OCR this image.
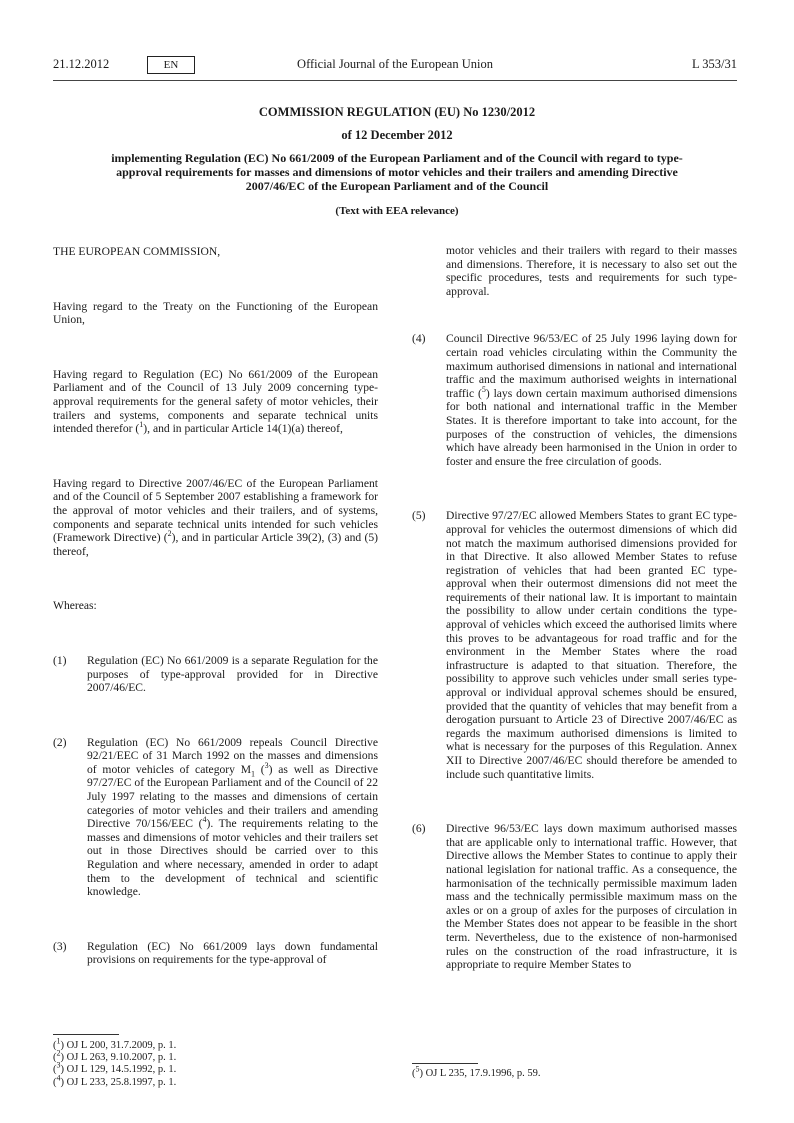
Official Journal of the European Union
21.12.2012	EN	L 353/31
COMMISSION REGULATION (EU) No 1230/2012
of 12 December 2012
implementing Regulation (EC) No 661/2009 of the European Parliament and of the Council with regard to type-approval requirements for masses and dimensions of motor vehicles and their trailers and amending Directive 2007/46/EC of the European Parliament and of the Council
(Text with EEA relevance)

THE EUROPEAN COMMISSION,

Having regard to the Treaty on the Functioning of the European Union,

Having regard to Regulation (EC) No 661/2009 of the European Parliament and of the Council of 13 July 2009 concerning type-approval requirements for the general safety of motor vehicles, their trailers and systems, components and separate technical units intended therefor ($^1$), and in particular Article 14(1)(a) thereof,

Having regard to Directive 2007/46/EC of the European Parliament and of the Council of 5 September 2007 establishing a framework for the approval of motor vehicles and their trailers, and of systems, components and separate technical units intended for such vehicles (Framework Directive) ($^2$), and in particular Article 39(2), (3) and (5) thereof,

Whereas:

(1) Regulation (EC) No 661/2009 is a separate Regulation for the purposes of type-approval provided for in Directive 2007/46/EC.

(2) Regulation (EC) No 661/2009 repeals Council Directive 92/21/EEC of 31 March 1992 on the masses and dimensions of motor vehicles of category $M_1$ ($^3$) as well as Directive 97/27/EC of the European Parliament and of the Council of 22 July 1997 relating to the masses and dimensions of certain categories of motor vehicles and their trailers and amending Directive 70/156/EEC ($^4$). The requirements relating to the masses and dimensions of motor vehicles and their trailers set out in those Directives should be carried over to this Regulation and where necessary, amended in order to adapt them to the development of technical and scientific knowledge.

(3) Regulation (EC) No 661/2009 lays down fundamental provisions on requirements for the type-approval of

($^1$) OJ L 200, 31.7.2009, p. 1.
($^2$) OJ L 263, 9.10.2007, p. 1.
($^3$) OJ L 129, 14.5.1992, p. 1.
($^4$) OJ L 233, 25.8.1997, p. 1.

motor vehicles and their trailers with regard to their masses and dimensions. Therefore, it is necessary to also set out the specific procedures, tests and requirements for such type-approval.

(4) Council Directive 96/53/EC of 25 July 1996 laying down for certain road vehicles circulating within the Community the maximum authorised dimensions in national and international traffic and the maximum authorised weights in international traffic ($^5$) lays down certain maximum authorised dimensions for both national and international traffic in the Member States. It is therefore important to take into account, for the purposes of the construction of vehicles, the dimensions which have already been harmonised in the Union in order to foster and ensure the free circulation of goods.

(5) Directive 97/27/EC allowed Members States to grant EC type-approval for vehicles the outermost dimensions of which did not match the maximum authorised dimensions provided for in that Directive. It also allowed Member States to refuse registration of vehicles that had been granted EC type-approval when their outermost dimensions did not meet the requirements of their national law. It is important to maintain the possibility to allow under certain conditions the type-approval of vehicles which exceed the authorised limits where this proves to be advantageous for road traffic and for the environment in the Member States where the road infrastructure is adapted to that situation. Therefore, the possibility to approve such vehicles under small series type-approval or individual approval schemes should be ensured, provided that the quantity of vehicles that may benefit from a derogation pursuant to Article 23 of Directive 2007/46/EC as regards the maximum authorised dimensions is limited to what is necessary for the purposes of this Regulation. Annex XII to Directive 2007/46/EC should therefore be amended to include such quantitative limits.

(6) Directive 96/53/EC lays down maximum authorised masses that are applicable only to international traffic. However, that Directive allows the Member States to continue to apply their national legislation for national traffic. As a consequence, the harmonisation of the technically permissible maximum laden mass and the technically permissible maximum mass on the axles or on a group of axles for the purposes of circulation in the Member States does not appear to be feasible in the short term. Nevertheless, due to the existence of non-harmonised rules on the construction of the road infrastructure, it is appropriate to require Member States to

($^5$) OJ L 235, 17.9.1996, p. 59.
